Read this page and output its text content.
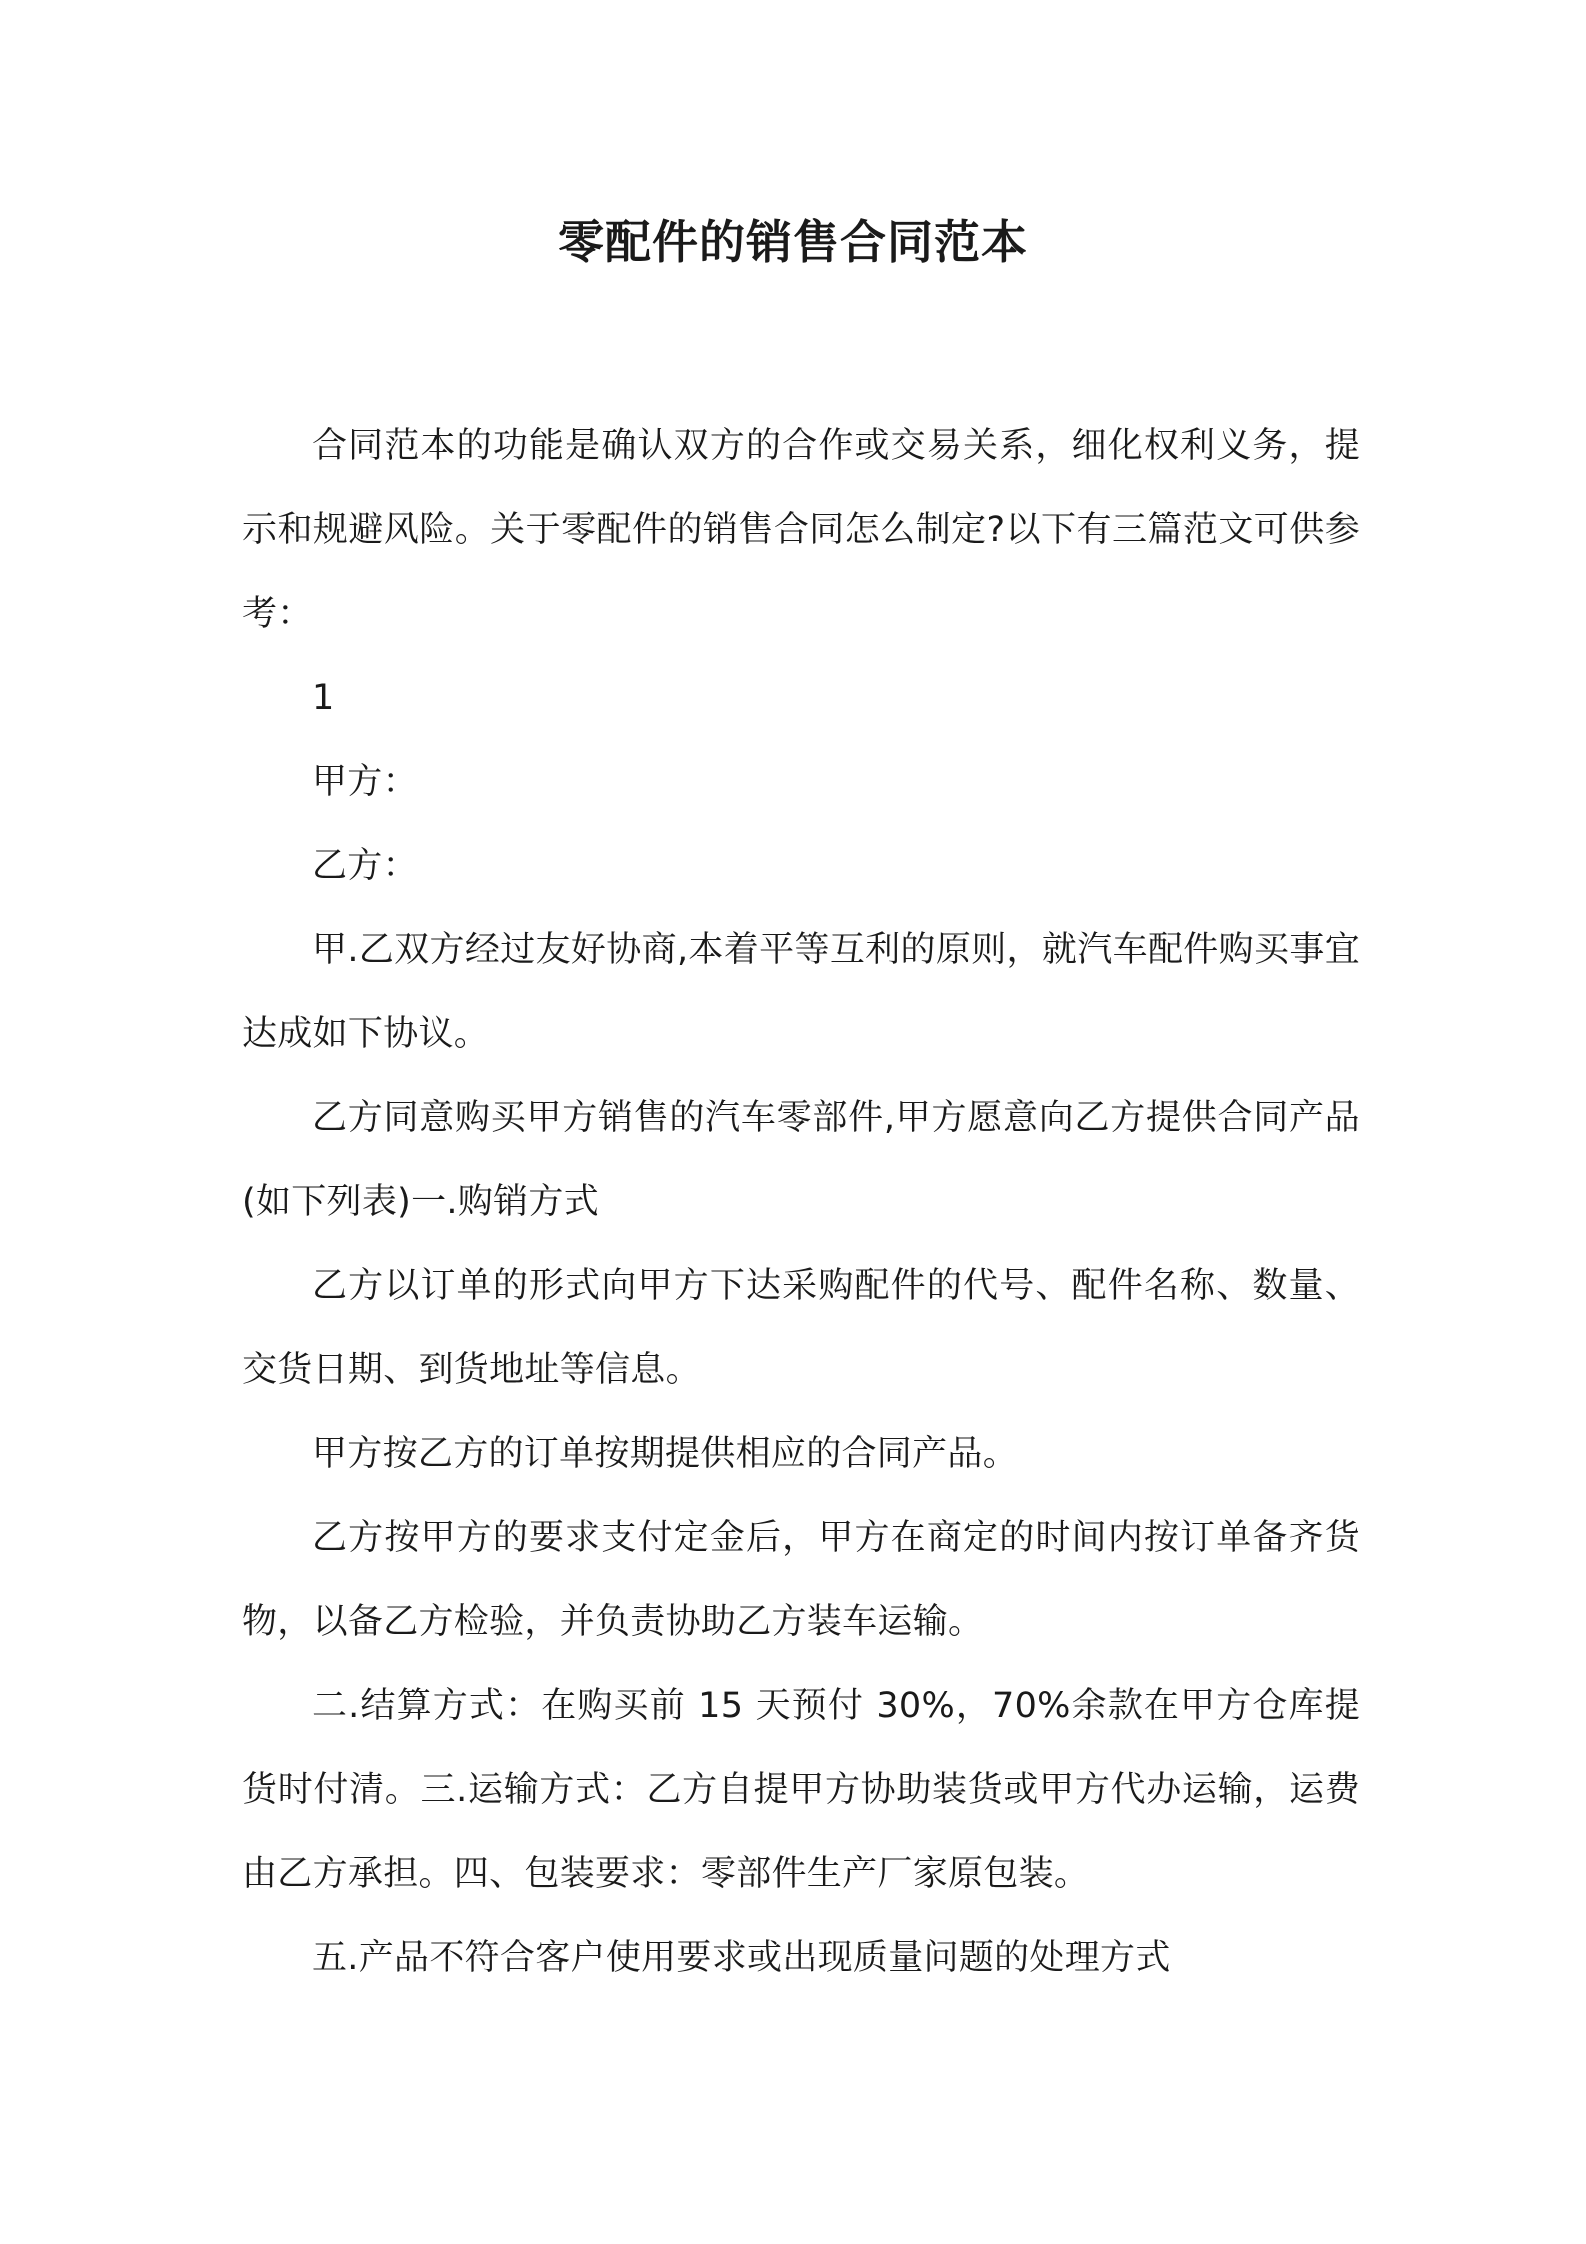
零配件的销售合同范本

合同范本的功能是确认双方的合作或交易关系，细化权利义务，提示和规避风险。关于零配件的销售合同怎么制定?以下有三篇范文可供参考：

1

甲方：

乙方：

甲.乙双方经过友好协商,本着平等互利的原则，就汽车配件购买事宜达成如下协议。

乙方同意购买甲方销售的汽车零部件,甲方愿意向乙方提供合同产品(如下列表)一.购销方式

乙方以订单的形式向甲方下达采购配件的代号、配件名称、数量、交货日期、到货地址等信息。

甲方按乙方的订单按期提供相应的合同产品。

乙方按甲方的要求支付定金后，甲方在商定的时间内按订单备齐货物，以备乙方检验，并负责协助乙方装车运输。

二.结算方式：在购买前 15 天预付 30%，70%余款在甲方仓库提货时付清。三.运输方式：乙方自提甲方协助装货或甲方代办运输，运费由乙方承担。四、包装要求：零部件生产厂家原包装。

五.产品不符合客户使用要求或出现质量问题的处理方式
